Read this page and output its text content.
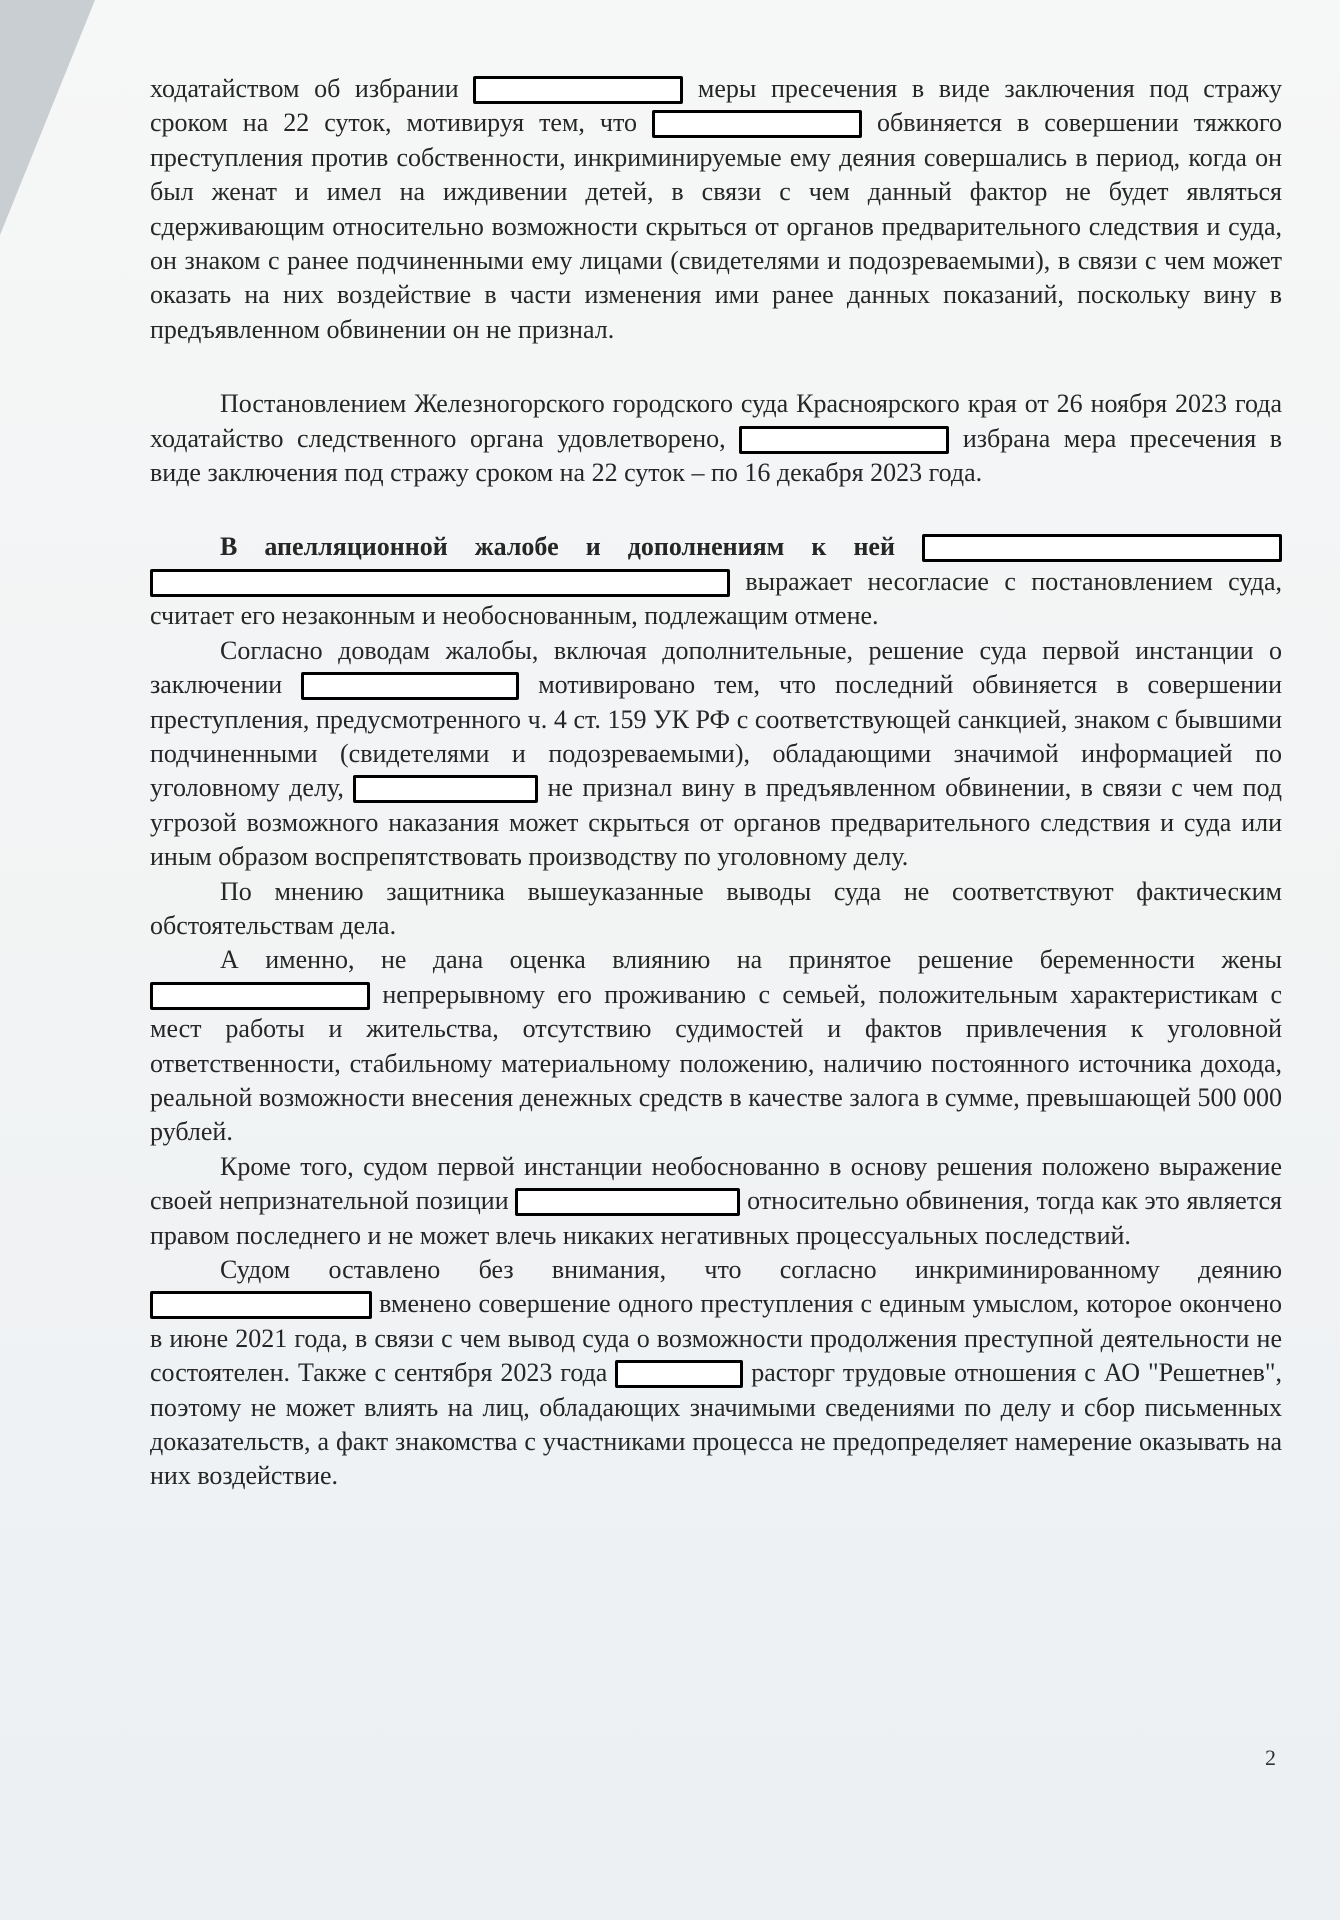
ходатайством об избрании	меры пресечения в виде заключения под стражу сроком на 22 суток, мотивируя тем, что	обвиняется в совершении тяжкого преступления против собственности, инкриминируемые ему деяния совершались в период, когда он был женат и имел на иждивении детей, в связи с чем данный фактор не будет являться сдерживающим относительно возможности скрыться от органов предварительного следствия и суда, он знаком с ранее подчиненными ему лицами (свидетелями и подозреваемыми), в связи с чем может оказать на них воздействие в части изменения ими ранее данных показаний, поскольку вину в предъявленном обвинении он не признал.

Постановлением Железногорского городского суда Красноярского края от 26 ноября 2023 года ходатайство следственного органа удовлетворено,	избрана мера пресечения в виде заключения под стражу сроком на 22 суток – по 16 декабря 2023 года.

В апелляционной жалобе и дополнениям к ней   выражает несогласие с постановлением суда, считает его незаконным и необоснованным, подлежащим отмене.

Согласно доводам жалобы, включая дополнительные, решение суда первой инстанции о заключении	мотивировано тем, что последний обвиняется в совершении преступления, предусмотренного ч. 4 ст. 159 УК РФ с соответствующей санкцией, знаком с бывшими подчиненными (свидетелями и подозреваемыми), обладающими значимой информацией по уголовному делу,	не признал вину в предъявленном обвинении, в связи с чем под угрозой возможного наказания может скрыться от органов предварительного следствия и суда или иным образом воспрепятствовать производству по уголовному делу.

По мнению защитника вышеуказанные выводы суда не соответствуют фактическим обстоятельствам дела.

А именно, не дана оценка влиянию на принятое решение беременности жены  непрерывному его проживанию с семьей, положительным характеристикам с мест работы и жительства, отсутствию судимостей и фактов привлечения к уголовной ответственности, стабильному материальному положению, наличию постоянного источника дохода, реальной возможности внесения денежных средств в качестве залога в сумме, превышающей 500 000 рублей.

Кроме того, судом первой инстанции необоснованно в основу решения положено выражение своей непризнательной позиции	относительно обвинения, тогда как это является правом последнего и не может влечь никаких негативных процессуальных последствий.

Судом оставлено без внимания, что согласно инкриминированному деянию  вменено совершение одного преступления с единым умыслом, которое окончено в июне 2021 года, в связи с чем вывод суда о возможности продолжения преступной деятельности не состоятелен. Также с сентября 2023 года	расторг трудовые отношения с АО "Решетнев", поэтому не может влиять на лиц, обладающих значимыми сведениями по делу и сбор письменных доказательств, а факт знакомства с участниками процесса не предопределяет намерение оказывать на них воздействие.

2
